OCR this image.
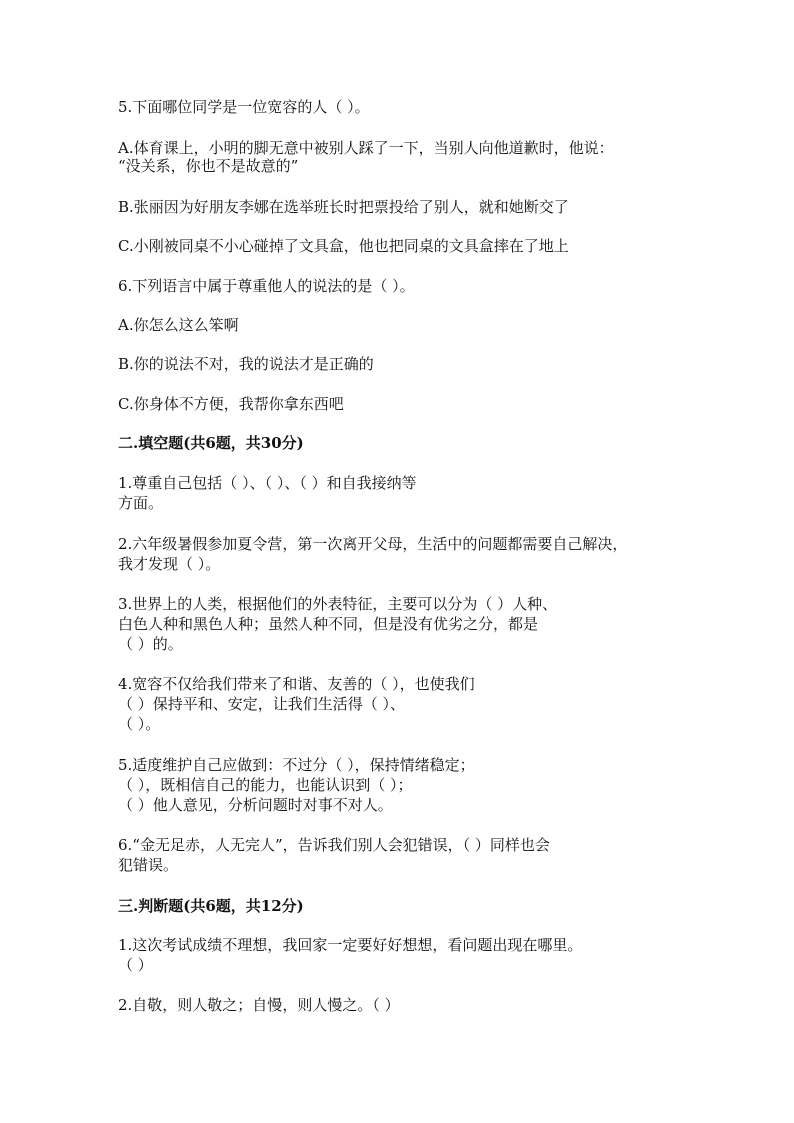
5.下面哪位同学是一位宽容的人（ ）。
A.体育课上，小明的脚无意中被别人踩了一下，当别人向他道歉时，他说：
“没关系，你也不是故意的”
B.张丽因为好朋友李娜在选举班长时把票投给了别人，就和她断交了
C.小刚被同桌不小心碰掉了文具盒，他也把同桌的文具盒摔在了地上
6.下列语言中属于尊重他人的说法的是（ ）。
A.你怎么这么笨啊
B.你的说法不对，我的说法才是正确的
C.你身体不方便，我帮你拿东西吧
二.填空题(共6题，共30分)
1.尊重自己包括（ ）、（ ）、（ ）和自我接纳等
方面。
2.六年级暑假参加夏令营，第一次离开父母，生活中的问题都需要自己解决，
我才发现（ ）。
3.世界上的人类，根据他们的外表特征，主要可以分为（ ）人种、
白色人种和黑色人种；虽然人种不同，但是没有优劣之分，都是
（ ）的。
4.宽容不仅给我们带来了和谐、友善的（ ），也使我们
（ ）保持平和、安定，让我们生活得（ ）、
（ ）。
5.适度维护自己应做到：不过分（ ），保持情绪稳定；
（ ），既相信自己的能力，也能认识到（ ）；
（ ）他人意见，分析问题时对事不对人。
6.“金无足赤，人无完人”，告诉我们别人会犯错误，（ ）同样也会
犯错误。
三.判断题(共6题，共12分)
1.这次考试成绩不理想，我回家一定要好好想想，看问题出现在哪里。
（ ）
2.自敬，则人敬之；自慢，则人慢之。（ ）
